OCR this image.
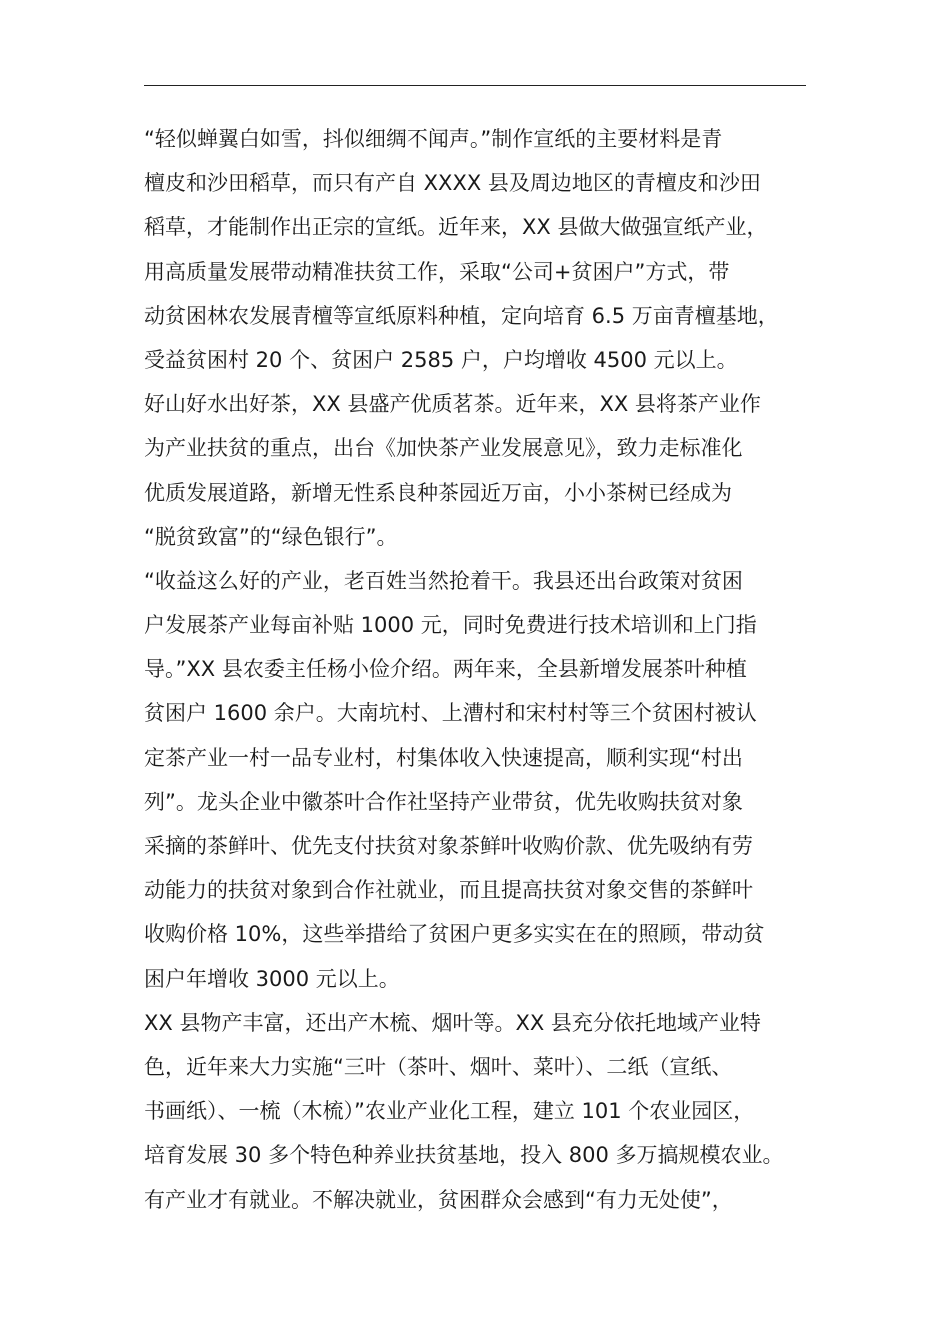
“轻似蝉翼白如雪，抖似细绸不闻声。”制作宣纸的主要材料是青
檀皮和沙田稻草，而只有产自 XXXX 县及周边地区的青檀皮和沙田
稻草，才能制作出正宗的宣纸。近年来，XX 县做大做强宣纸产业，
用高质量发展带动精准扶贫工作，采取“公司+贫困户”方式，带
动贫困林农发展青檀等宣纸原料种植，定向培育 6.5 万亩青檀基地，
受益贫困村 20 个、贫困户 2585 户，户均增收 4500 元以上。
好山好水出好茶，XX 县盛产优质茗茶。近年来，XX 县将茶产业作
为产业扶贫的重点，出台《加快茶产业发展意见》，致力走标准化
优质发展道路，新增无性系良种茶园近万亩，小小茶树已经成为
“脱贫致富”的“绿色银行”。
“收益这么好的产业，老百姓当然抢着干。我县还出台政策对贫困
户发展茶产业每亩补贴 1000 元，同时免费进行技术培训和上门指
导。”XX 县农委主任杨小俭介绍。两年来，全县新增发展茶叶种植
贫困户 1600 余户。大南坑村、上漕村和宋村村等三个贫困村被认
定茶产业一村一品专业村，村集体收入快速提高，顺利实现“村出
列”。龙头企业中徽茶叶合作社坚持产业带贫，优先收购扶贫对象
采摘的茶鲜叶、优先支付扶贫对象茶鲜叶收购价款、优先吸纳有劳
动能力的扶贫对象到合作社就业，而且提高扶贫对象交售的茶鲜叶
收购价格 10%，这些举措给了贫困户更多实实在在的照顾，带动贫
困户年增收 3000 元以上。
XX 县物产丰富，还出产木梳、烟叶等。XX 县充分依托地域产业特
色，近年来大力实施“三叶（茶叶、烟叶、菜叶）、二纸（宣纸、
书画纸）、一梳（木梳）”农业产业化工程，建立 101 个农业园区，
培育发展 30 多个特色种养业扶贫基地，投入 800 多万搞规模农业。
有产业才有就业。不解决就业，贫困群众会感到“有力无处使”，
